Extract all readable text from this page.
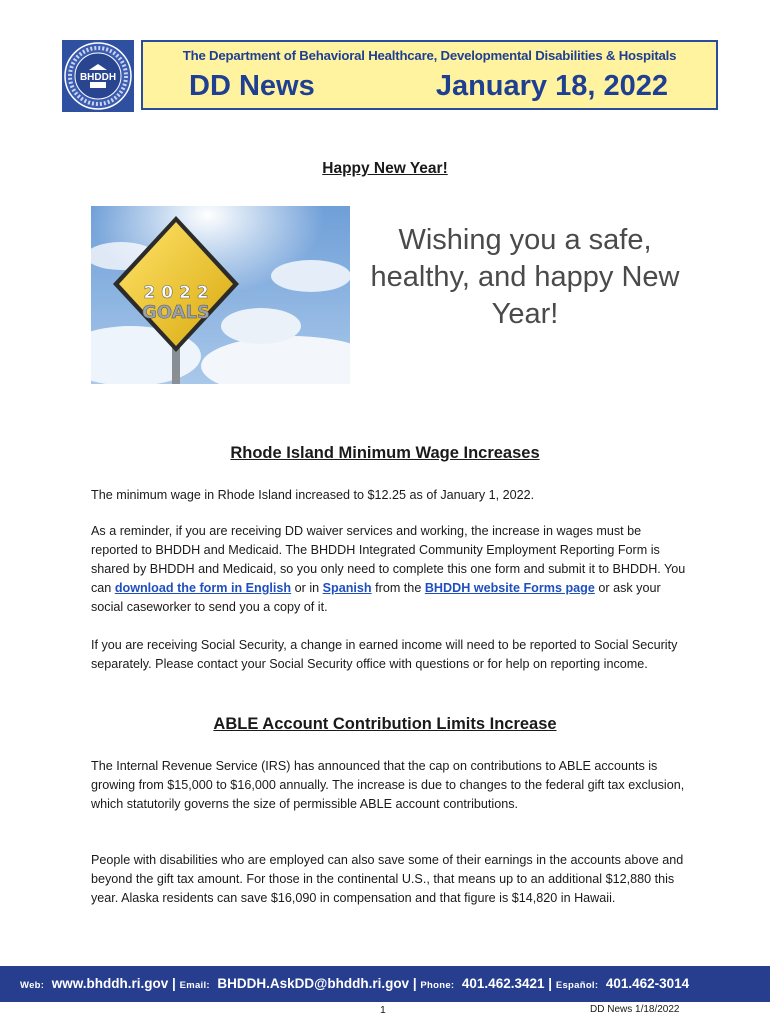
BHDDH
The Department of Behavioral Healthcare, Developmental Disabilities & Hospitals
DD News	January 18, 2022
Happy New Year!
2 0 2 2
GOALS
Wishing you a safe, healthy, and happy New Year!
Rhode Island Minimum Wage Increases
The minimum wage in Rhode Island increased to $12.25 as of January 1, 2022.
As a reminder, if you are receiving DD waiver services and working, the increase in wages must be reported to BHDDH and Medicaid. The BHDDH Integrated Community Employment Reporting Form is shared by BHDDH and Medicaid, so you only need to complete this one form and submit it to BHDDH. You can download the form in English or in Spanish from the BHDDH website Forms page or ask your social caseworker to send you a copy of it.
If you are receiving Social Security, a change in earned income will need to be reported to Social Security separately. Please contact your Social Security office with questions or for help on reporting income.
ABLE Account Contribution Limits Increase
The Internal Revenue Service (IRS) has announced that the cap on contributions to ABLE accounts is growing from $15,000 to $16,000 annually. The increase is due to changes to the federal gift tax exclusion, which statutorily governs the size of permissible ABLE account contributions.
People with disabilities who are employed can also save some of their earnings in the accounts above and beyond the gift tax amount. For those in the continental U.S., that means up to an additional $12,880 this year. Alaska residents can save $16,090 in compensation and that figure is $14,820 in Hawaii.
Web: www.bhddh.ri.gov | Email: BHDDH.AskDD@bhddh.ri.gov | Phone: 401.462.3421 | Español: 401.462-3014
1	DD News 1/18/2022
